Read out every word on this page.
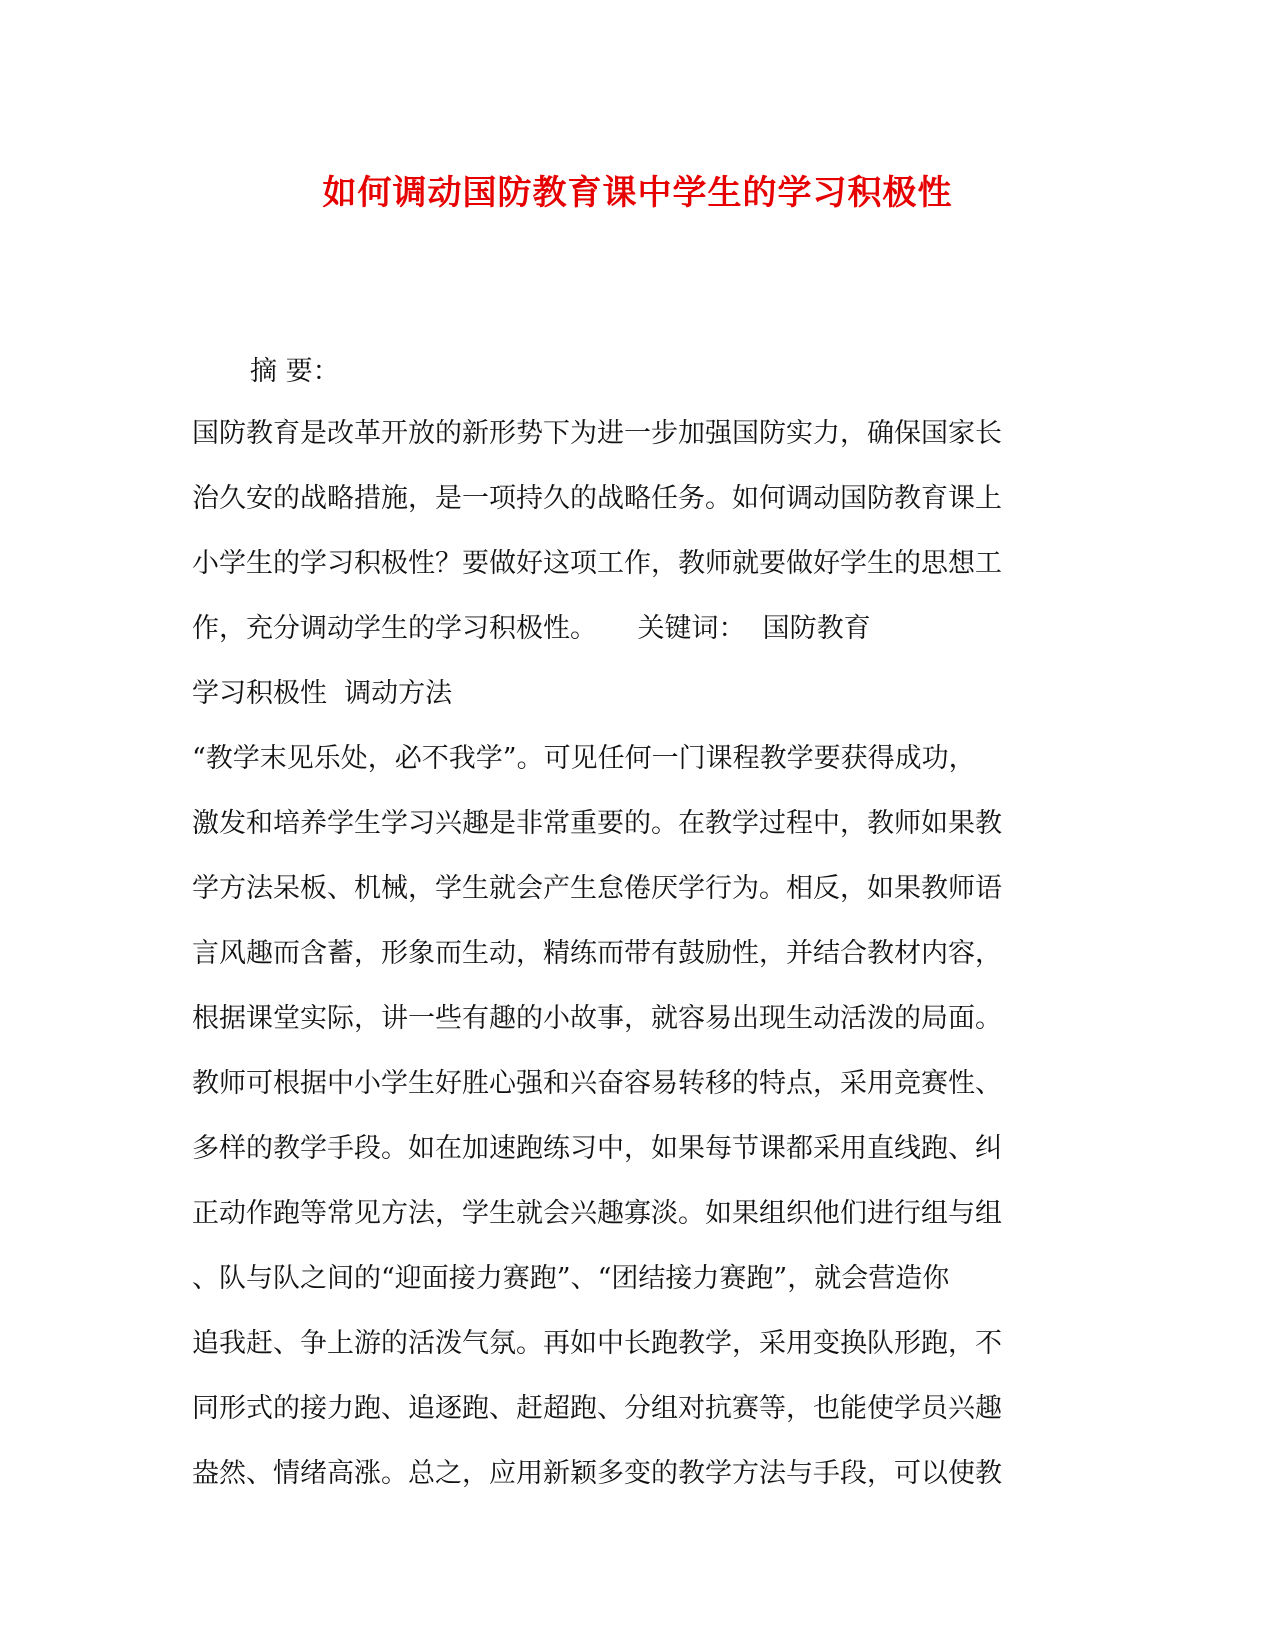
如何调动国防教育课中学生的学习积极性
摘 要：
国防教育是改革开放的新形势下为进一步加强国防实力，确保国家长
治久安的战略措施，是一项持久的战略任务。如何调动国防教育课上
小学生的学习积极性？要做好这项工作，教师就要做好学生的思想工
作，充分调动学生的学习积极性。　　关键词：  国防教育
学习积极性  调动方法
“教学末见乐处，必不我学”。可见任何一门课程教学要获得成功，
激发和培养学生学习兴趣是非常重要的。在教学过程中，教师如果教
学方法呆板、机械，学生就会产生怠倦厌学行为。相反，如果教师语
言风趣而含蓄，形象而生动，精练而带有鼓励性，并结合教材内容，
根据课堂实际，讲一些有趣的小故事，就容易出现生动活泼的局面。
教师可根据中小学生好胜心强和兴奋容易转移的特点，采用竞赛性、
多样的教学手段。如在加速跑练习中，如果每节课都采用直线跑、纠
正动作跑等常见方法，学生就会兴趣寡淡。如果组织他们进行组与组
、队与队之间的“迎面接力赛跑”、“团结接力赛跑”，就会营造你
追我赶、争上游的活泼气氛。再如中长跑教学，采用变换队形跑，不
同形式的接力跑、追逐跑、赶超跑、分组对抗赛等，也能使学员兴趣
盎然、情绪高涨。总之，应用新颖多变的教学方法与手段，可以使教
